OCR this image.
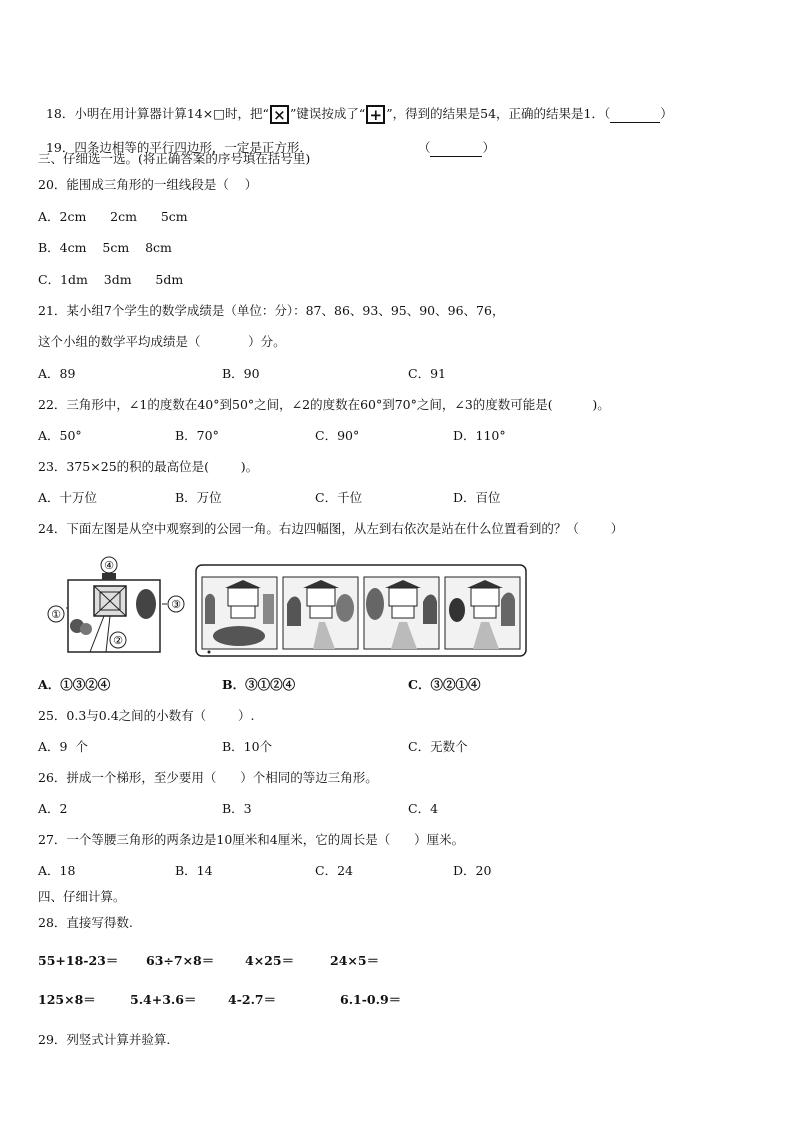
18．小明在用计算器计算14×□时，把“ × ”键误按成了“ + ”，得到的结果是54，正确的结果是1．（	）

19．四条边相等的平行四边形，一定是正方形．	（	）

三、仔细选一选。(将正确答案的序号填在括号里)
20．能围成三角形的一组线段是（    ）
A．2cm      2cm      5cm
B．4cm    5cm    8cm
C．1dm    3dm      5dm
21．某小组7个学生的数学成绩是（单位：分）：87、86、93、95、90、96、76，
这个小组的数学平均成绩是（            ）分。
A．89	B．90	C．91
22．三角形中，∠1的度数在40°到50°之间，∠2的度数在60°到70°之间，∠3的度数可能是(          )。
A．50°	B．70°	C．90°	D．110°
23．375×25的积的最高位是(        )。
A．十万位	B．万位	C．千位	D．百位
24．下面左图是从空中观察到的公园一角。右边四幅图，从左到右依次是站在什么位置看到的？（        ）
①
②
③
④
A．①③②④	B．③①②④	C．③②①④
25．0.3与0.4之间的小数有（        ）.
A．9  个	B．10个	C．无数个
26．拼成一个梯形，至少要用（      ）个相同的等边三角形。
A．2	B．3	C．4
27．一个等腰三角形的两条边是10厘米和4厘米，它的周长是（      ）厘米。
A．18	B．14	C．24	D．20
四、仔细计算。
28．直接写得数.
55+18-23＝ 63÷7×8＝ 4×25＝	24×5＝
125×8＝	5.4+3.6＝	4-2.7＝	6.1-0.9＝
29．列竖式计算并验算.
